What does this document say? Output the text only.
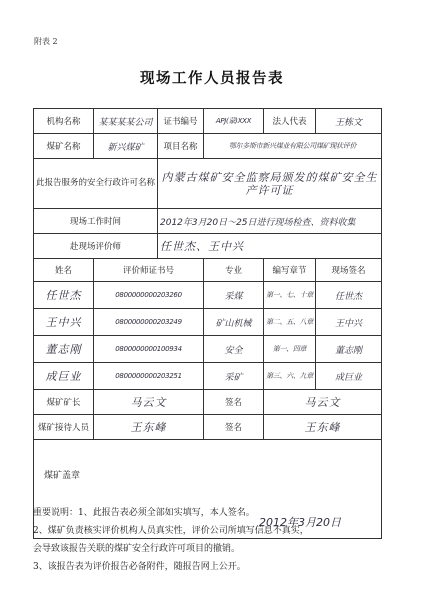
附表 2
现场工作人员报告表
机构名称	某某某某公司	证书编号	APJ(蒙)XXX	法人代表	王栋文
煤矿名称	新兴煤矿	项目名称	鄂尔多斯市新兴煤业有限公司煤矿现状评价		
此报告服务的安全行政许可名称		内蒙古煤矿安全监察局颁发的煤矿安全生产许可证			
现场工作时间		2012年3月20日～25日进行现场检查、资料收集			
赴现场评价师		任世杰、王中兴			
姓名	评价师证书号		专业	编写章节	现场签名
任世杰	0800000000203260		采煤	第一、七、十章	任世杰
王中兴	0800000000203249		矿山机械	第二、五、八章	王中兴
董志刚	0800000000100934		安全	第一、四章	董志刚
成巨业	0800000000203251		采矿	第三、六、九章	成巨业
煤矿矿长	马云文		签名	马云文	
煤矿接待人员	王东峰		签名	王东峰	

煤矿盖章
2012年3月20日					

重要说明：1、此报告表必须全部如实填写，本人签名。

2、煤矿负责核实评价机构人员真实性，评价公司所填写信息不真实，

会导致该报告关联的煤矿安全行政许可项目的撤销。

3、该报告表为评价报告必备附件，随报告网上公开。
